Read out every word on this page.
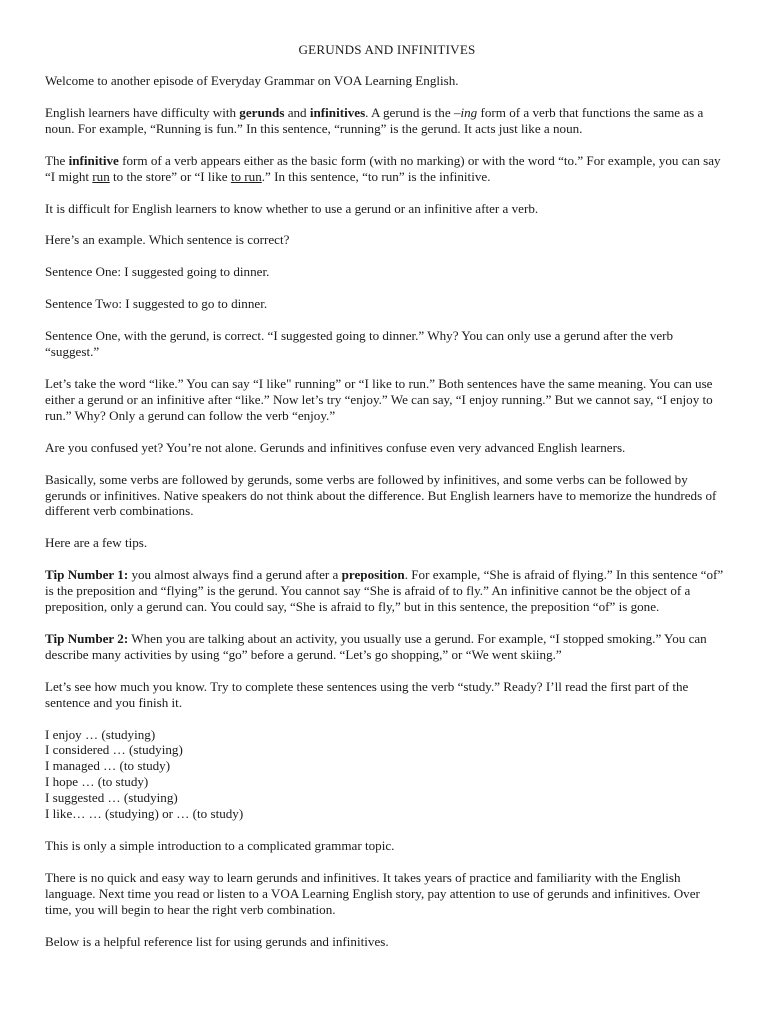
GERUNDS AND INFINITIVES

Welcome to another episode of Everyday Grammar on VOA Learning English.

English learners have difficulty with gerunds and infinitives. A gerund is the –ing form of a verb that functions the same as a noun. For example, “Running is fun.” In this sentence, “running” is the gerund. It acts just like a noun.

The infinitive form of a verb appears either as the basic form (with no marking) or with the word “to.” For example, you can say “I might run to the store” or “I like to run.” In this sentence, “to run” is the infinitive.

It is difficult for English learners to know whether to use a gerund or an infinitive after a verb.

Here’s an example. Which sentence is correct?

Sentence One: I suggested going to dinner.

Sentence Two: I suggested to go to dinner.

Sentence One, with the gerund, is correct. “I suggested going to dinner.” Why? You can only use a gerund after the verb “suggest.”

Let’s take the word “like.” You can say “I like" running” or “I like to run.” Both sentences have the same meaning. You can use either a gerund or an infinitive after “like.” Now let’s try “enjoy.” We can say, “I enjoy running.” But we cannot say, “I enjoy to run.” Why? Only a gerund can follow the verb “enjoy.”

Are you confused yet? You’re not alone. Gerunds and infinitives confuse even very advanced English learners.

Basically, some verbs are followed by gerunds, some verbs are followed by infinitives, and some verbs can be followed by gerunds or infinitives. Native speakers do not think about the difference. But English learners have to memorize the hundreds of different verb combinations.

Here are a few tips.

Tip Number 1: you almost always find a gerund after a preposition. For example, “She is afraid of flying.” In this sentence “of” is the preposition and “flying” is the gerund. You cannot say “She is afraid of to fly.” An infinitive cannot be the object of a preposition, only a gerund can. You could say, “She is afraid to fly,” but in this sentence, the preposition “of” is gone.

Tip Number 2: When you are talking about an activity, you usually use a gerund. For example, “I stopped smoking.” You can describe many activities by using “go” before a gerund. “Let’s go shopping,” or “We went skiing.”

Let’s see how much you know. Try to complete these sentences using the verb “study.” Ready? I’ll read the first part of the sentence and you finish it.

I enjoy … (studying)
I considered … (studying)
I managed … (to study)
I hope … (to study)
I suggested … (studying)
I like… … (studying) or … (to study)

This is only a simple introduction to a complicated grammar topic.

There is no quick and easy way to learn gerunds and infinitives. It takes years of practice and familiarity with the English language. Next time you read or listen to a VOA Learning English story, pay attention to use of gerunds and infinitives. Over time, you will begin to hear the right verb combination.

Below is a helpful reference list for using gerunds and infinitives.
